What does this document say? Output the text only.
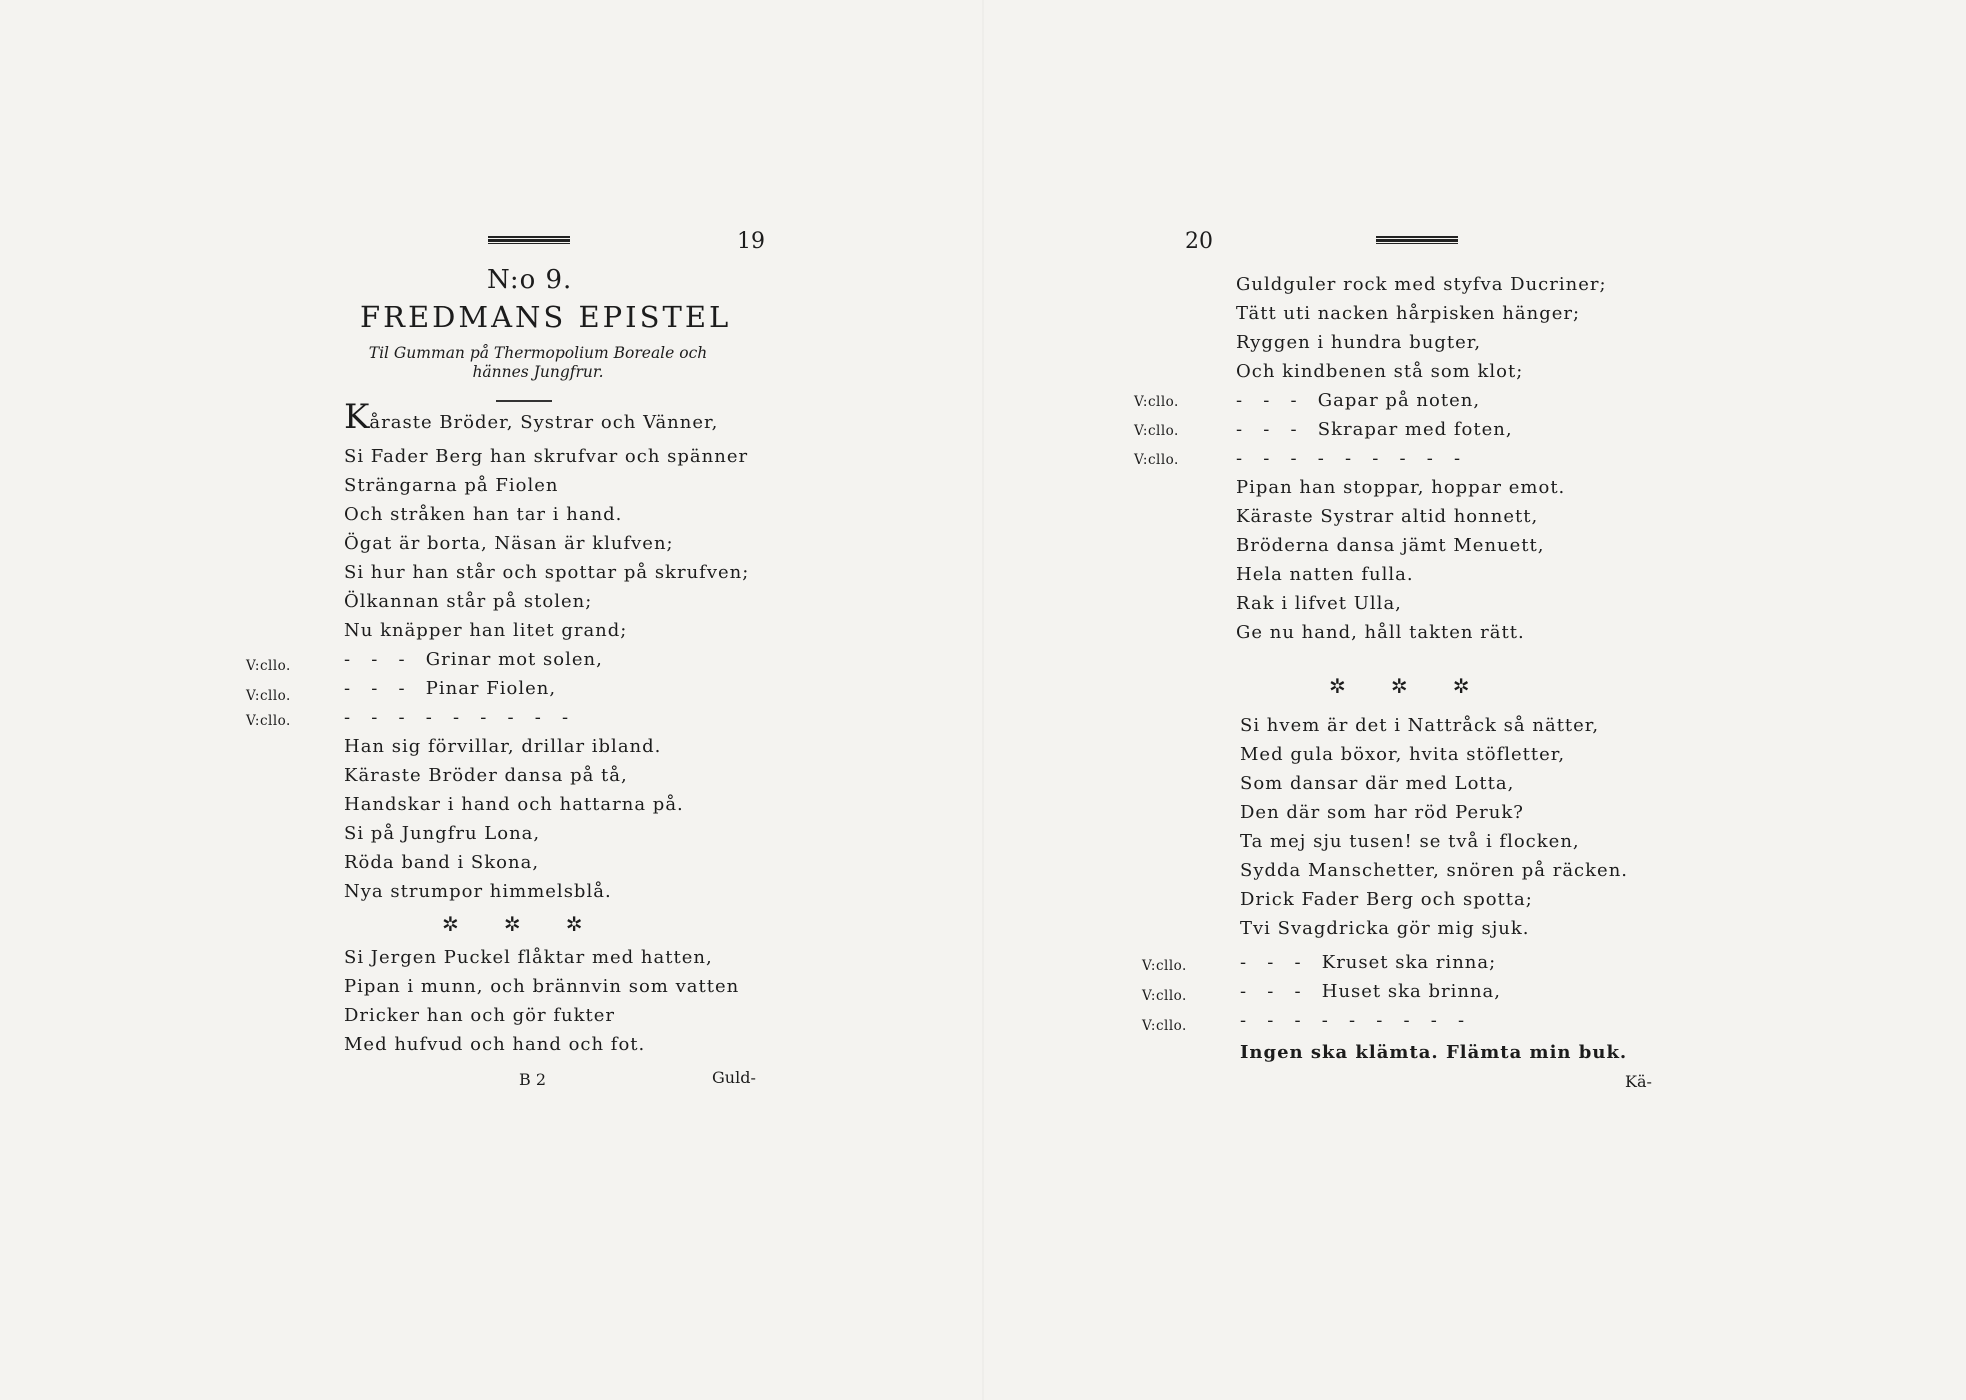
19
N:o 9.
FREDMANS EPISTEL
Til Gumman på Thermopolium Boreale och hännes Jungfrur.
Kåraste Bröder, Systrar och Vänner,
Si Fader Berg han skrufvar och spänner
Strängarna på Fiolen
Och stråken han tar i hand.
Ögat är borta, Näsan är klufven;
Si hur han står och spottar på skrufven;
Ölkannan står på stolen;
Nu knäpper han litet grand;
V:cllo.	-   -   -   Grinar mot solen,
V:cllo.	-   -   -   Pinar Fiolen,
V:cllo.	-   -   -   -   -   -   -   -   -
Han sig förvillar, drillar ibland.
Käraste Bröder dansa på tå,
Handskar i hand och hattarna på.
Si på Jungfru Lona,
Röda band i Skona,
Nya strumpor himmelsblå.
✲      ✲      ✲
Si Jergen Puckel flåktar med hatten,
Pipan i munn, och brännvin som vatten
Dricker han och gör fukter
Med hufvud och hand och fot.
B 2	Guld-
20
Guldguler rock med styfva Ducriner;
Tätt uti nacken hårpisken hänger;
Ryggen i hundra bugter,
Och kindbenen stå som klot;
V:cllo.	-   -   -   Gapar på noten,
V:cllo.	-   -   -   Skrapar med foten,
V:cllo.	-   -   -   -   -   -   -   -   -
Pipan han stoppar, hoppar emot.
Käraste Systrar altid honnett,
Bröderna dansa jämt Menuett,
Hela natten fulla.
Rak i lifvet Ulla,
Ge nu hand, håll takten rätt.
✲      ✲      ✲
Si hvem är det i Nattråck så nätter,
Med gula böxor, hvita stöfletter,
Som dansar där med Lotta,
Den där som har röd Peruk?
Ta mej sju tusen! se två i flocken,
Sydda Manschetter, snören på räcken.
Drick Fader Berg och spotta;
Tvi Svagdricka gör mig sjuk.
V:cllo.	-   -   -   Kruset ska rinna;
V:cllo.	-   -   -   Huset ska brinna,
V:cllo.	-   -   -   -   -   -   -   -   -
Ingen ska klämta. Flämta min buk.
Kä-
